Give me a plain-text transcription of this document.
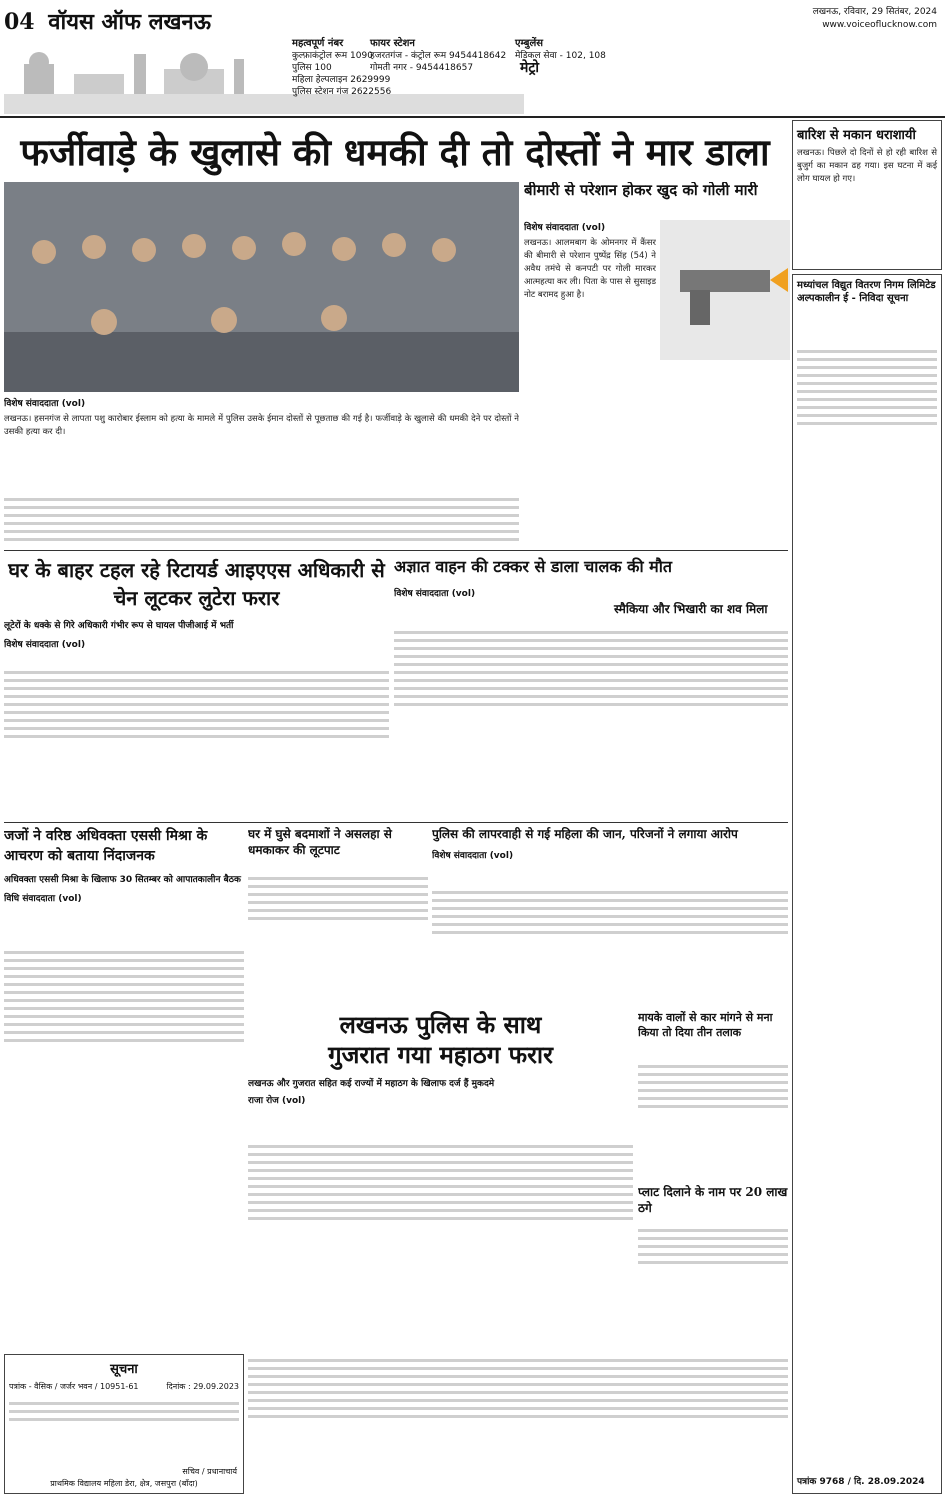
04 वॉयस ऑफ लखनऊ
महत्वपूर्ण नंबर
कुल्फ़ाकंट्रोल रूम 1090
पुलिस 100
महिला हेल्पलाइन 2629999
पुलिस स्टेशन गंज 2622556
फायर स्टेशन
हजरतगंज - कंट्रोल रूम 9454418642
गोमती नगर - 9454418657
एम्बुलेंस
मेडिकल सेवा - 102, 108
मेट्रो
लखनऊ, रविवार, 29 सितंबर, 2024
www.voiceoflucknow.com
फर्जीवाड़े के खुलासे की धमकी दी तो दोस्तों ने मार डाला
विशेष संवाददाता (vol)
लखनऊ। हसनगंज से लापता पशु कारोबार ईस्लाम को हत्या के मामले में पुलिस उसके ईमान दोस्तों से पूछताछ की गई है। फर्जीवाड़े के खुलासे की धमकी देने पर दोस्तों ने उसकी हत्या कर दी।
बीमारी से परेशान होकर खुद को गोली मारी
विशेष संवाददाता (vol)
लखनऊ। आलमबाग के ओमनगर में कैंसर की बीमारी से परेशान पुष्पेंद्र सिंह (54) ने अवैध तमंचे से कनपटी पर गोली मारकर आत्महत्या कर ली। पिता के पास से सुसाइड नोट बरामद हुआ है।
बारिश से मकान धराशायी
लखनऊ। पिछले दो दिनों से हो रही बारिश से बुजुर्ग का मकान ढह गया। इस घटना में कई लोग घायल हो गए।
मध्यांचल विद्युत वितरण निगम लिमिटेड अल्पकालीन ई - निविदा सूचना
पत्रांक 9768 / दि. 28.09.2024
घर के बाहर टहल रहे रिटायर्ड आइएएस अधिकारी से चेन लूटकर लुटेरा फरार
लूटेरों के धक्के से गिरे अधिकारी गंभीर रूप से घायल पीजीआई में भर्ती
विशेष संवाददाता (vol)
अज्ञात वाहन की टक्कर से डाला चालक की मौत
विशेष संवाददाता (vol)
स्मैकिया और भिखारी का शव मिला
जजों ने वरिष्ठ अधिवक्ता एससी मिश्रा के आचरण को बताया निंदाजनक
अधिवक्ता एससी मिश्रा के खिलाफ 30 सितम्बर को आपातकालीन बैठक
विधि संवाददाता (vol)
घर में घुसे बदमाशों ने असलहा से धमकाकर की लूटपाट
पुलिस की लापरवाही से गई महिला की जान, परिजनों ने लगाया आरोप
विशेष संवाददाता (vol)
लखनऊ पुलिस के साथ
गुजरात गया महाठग फरार
लखनऊ और गुजरात सहित कई राज्यों में महाठग के खिलाफ दर्ज हैं मुकदमे
राजा रोज (vol)
मायके वालों से कार मांगने से मना किया तो दिया तीन तलाक
प्लाट दिलाने के नाम पर 20 लाख ठगे
सूचना
पत्रांक - वैसिक / जर्जर भवन / 10951-61	दिनांक : 29.09.2023
सचिव / प्रधानाचार्य
प्राथमिक विद्यालय महिला डेरा, क्षेत्र, जसपुरा (बाँदा)
